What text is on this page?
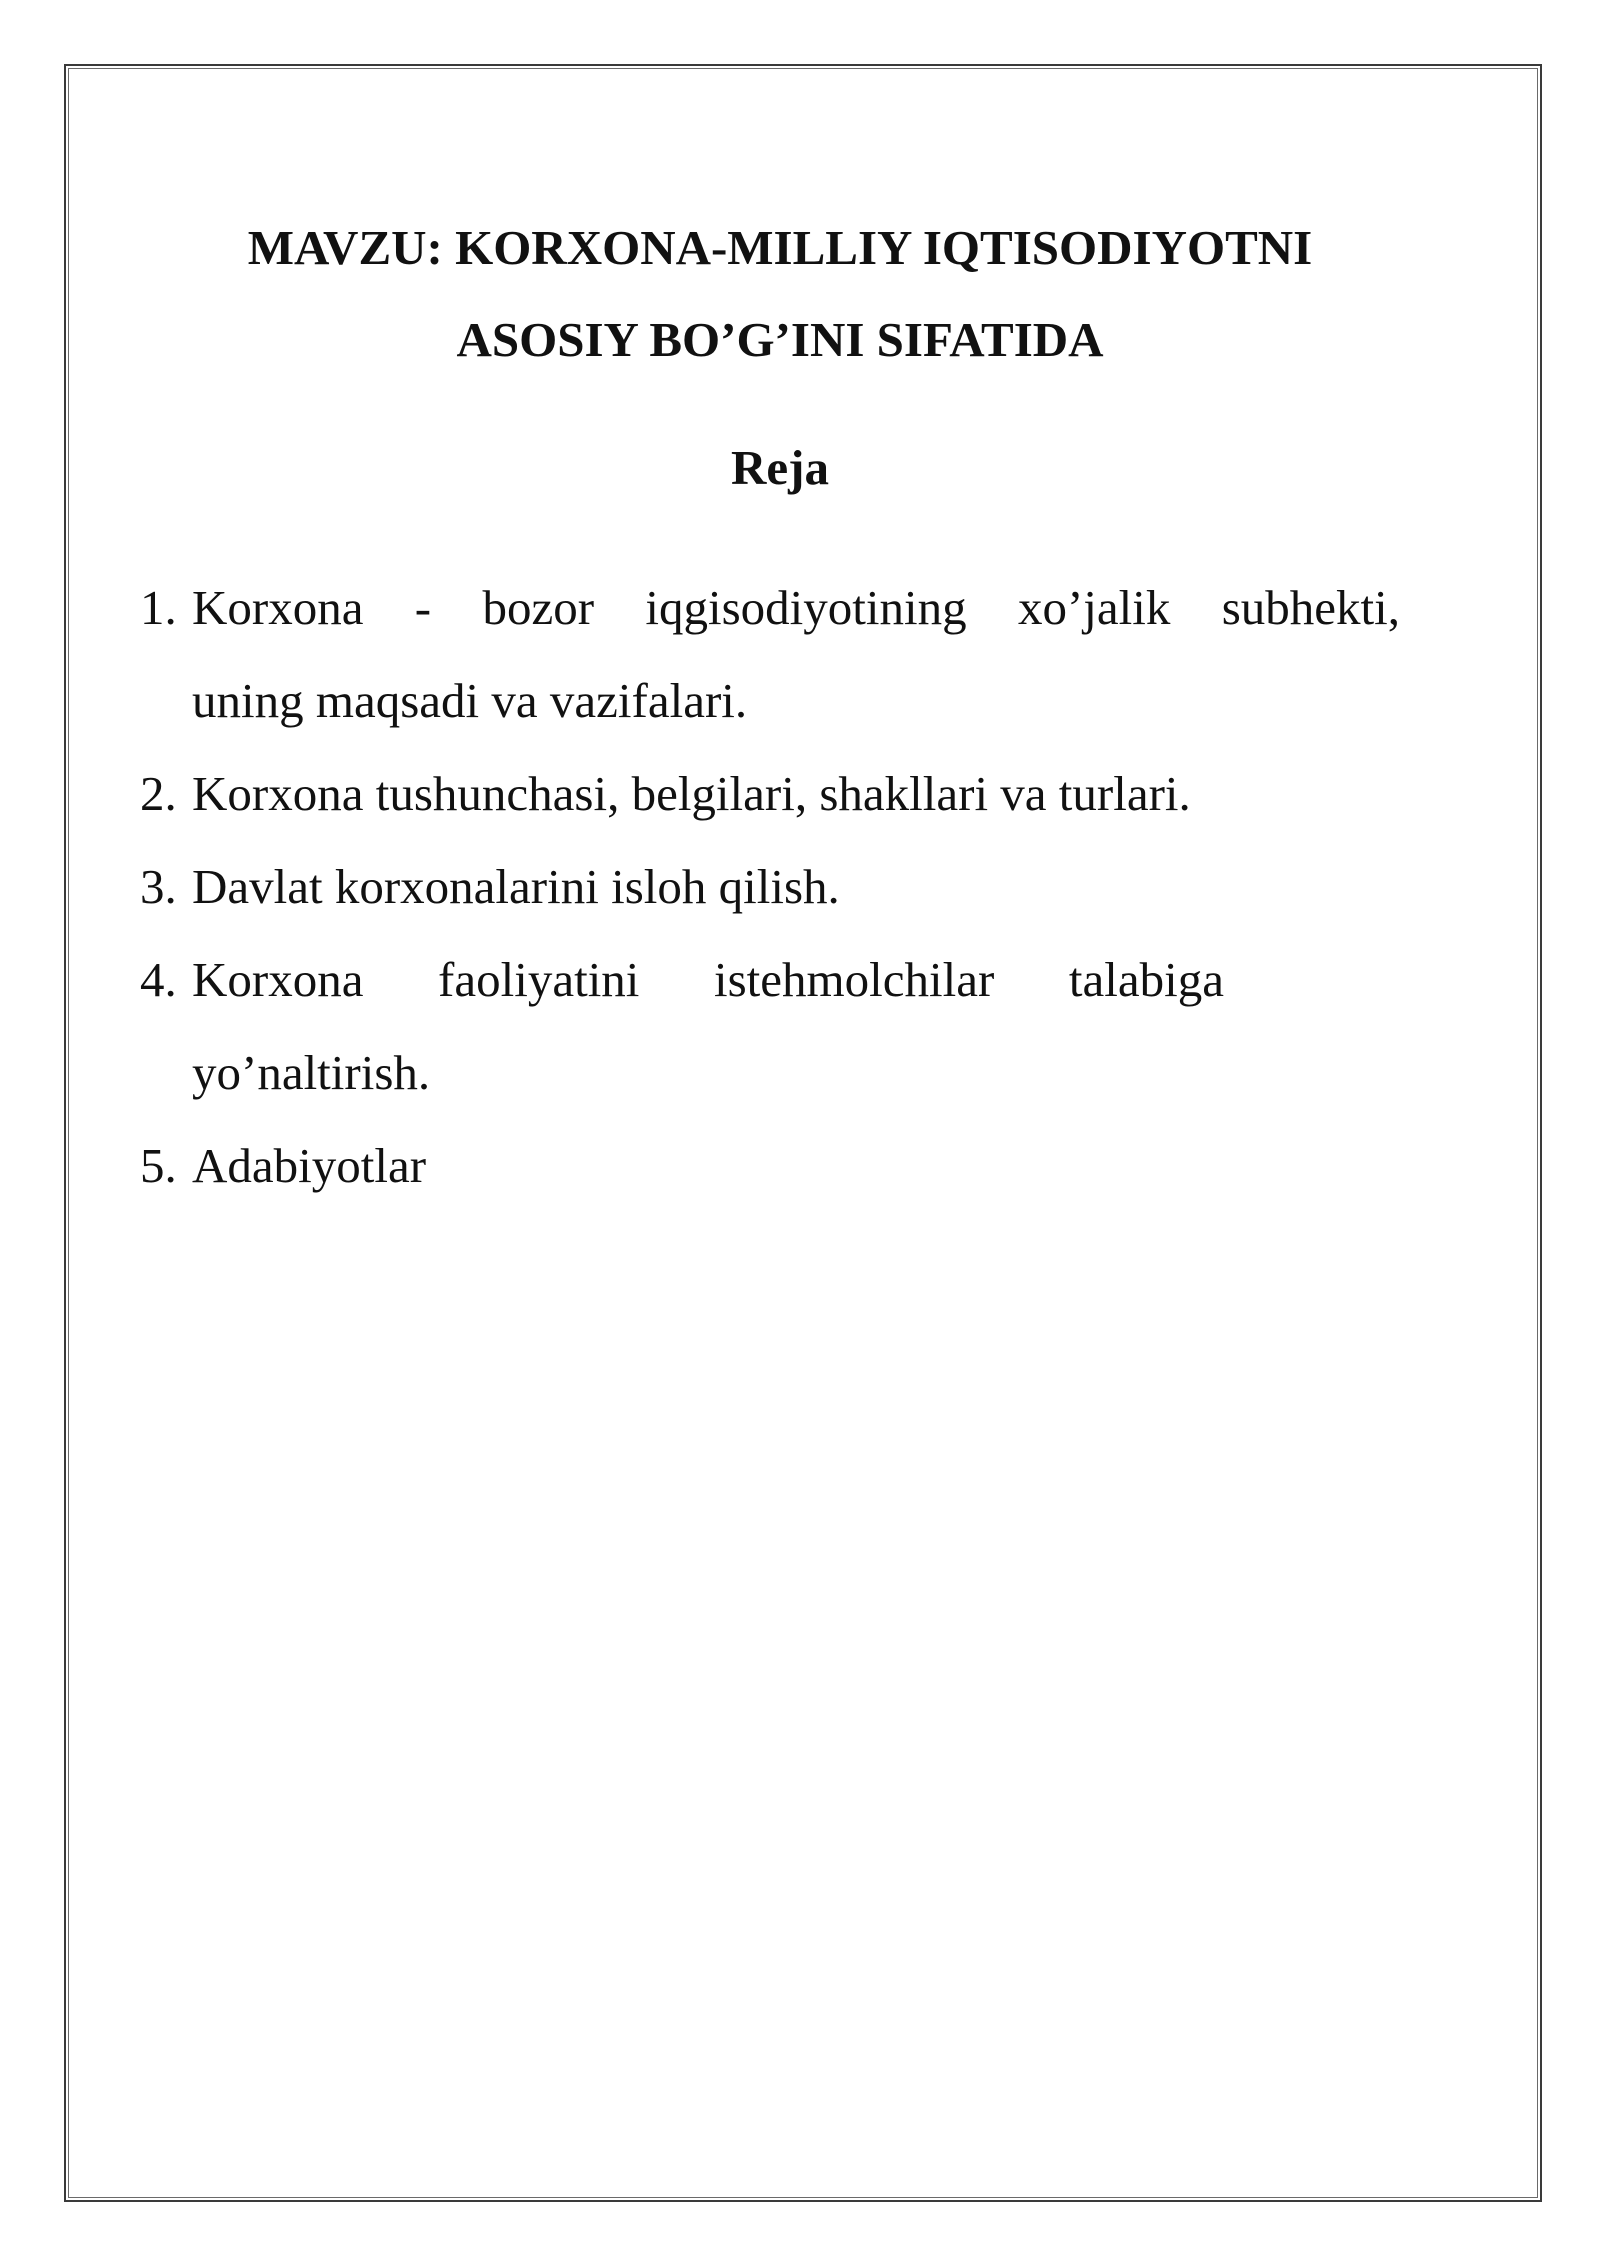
MAVZU: KORXONA-MILLIY IQTISODIYOTNI
ASOSIY BO’G’INI SIFATIDA
Reja
1. Korxona - bozor iqgisodiyotining xo’jalik subhekti,
uning maqsadi va vazifalari.
2. Korxona tushunchasi, belgilari, shakllari va turlari.
3. Davlat korxonalarini isloh qilish.
4. Korxona faoliyatini istehmolchilar talabiga
yo’naltirish.
5. Adabiyotlar
